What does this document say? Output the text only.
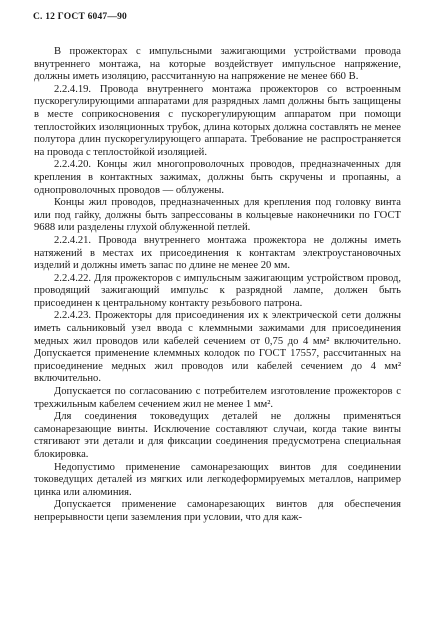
С. 12 ГОСТ 6047—90

В прожекторах с импульсными зажигающими устройствами провода внутреннего монтажа, на которые воздействует импульсное напряжение, должны иметь изоляцию, рассчитанную на напряжение не менее 660 В.

2.2.4.19. Провода внутреннего монтажа прожекторов со встроенным пускорегулирующими аппаратами для разрядных ламп должны быть защищены в месте соприкосновения с пускорегулирующим аппаратом при помощи теплостойких изоляционных трубок, длина которых должна составлять не менее полутора длин пускорегулирующего аппарата. Требование не распространяется на провода с теплостойкой изоляцией.

2.2.4.20. Концы жил многопроволочных проводов, предназначенных для крепления в контактных зажимах, должны быть скручены и пропаяны, а однопроволочных проводов — облужены.

Концы жил проводов, предназначенных для крепления под головку винта или под гайку, должны быть запрессованы в кольцевые наконечники по ГОСТ 9688 или разделены глухой облуженной петлей.

2.2.4.21. Провода внутреннего монтажа прожектора не должны иметь натяжений в местах их присоединения к контактам электроустановочных изделий и должны иметь запас по длине не менее 20 мм.

2.2.4.22. Для прожекторов с импульсным зажигающим устройством провод, проводящий зажигающий импульс к разрядной лампе, должен быть присоединен к центральному контакту резьбового патрона.

2.2.4.23. Прожекторы для присоединения их к электрической сети должны иметь сальниковый узел ввода с клеммными зажимами для присоединения медных жил проводов или кабелей сечением от 0,75 до 4 мм² включительно. Допускается применение клеммных колодок по ГОСТ 17557, рассчитанных на присоединение медных жил проводов или кабелей сечением до 4 мм² включительно.

Допускается по согласованию с потребителем изготовление прожекторов с трехжильным кабелем сечением жил не менее 1 мм².

Для соединения токоведущих деталей не должны применяться самонарезающие винты. Исключение составляют случаи, когда такие винты стягивают эти детали и для фиксации соединения предусмотрена специальная блокировка.

Недопустимо применение самонарезающих винтов для соединении токоведущих деталей из мягких или легкодеформируемых металлов, например цинка или алюминия.

Допускается применение самонарезающих винтов для обеспечения непрерывности цепи заземления при условии, что для каж-
